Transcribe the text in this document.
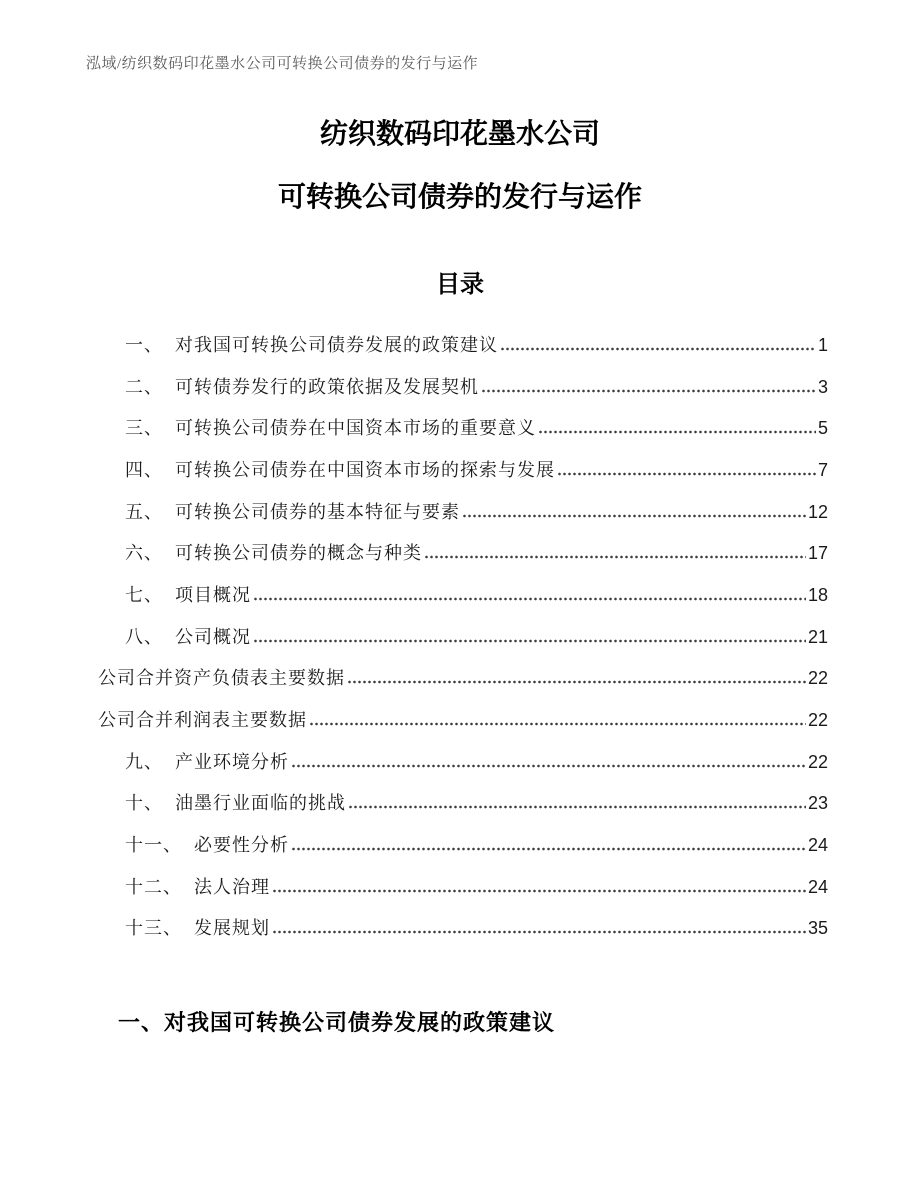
泓域/纺织数码印花墨水公司可转换公司债券的发行与运作
纺织数码印花墨水公司
可转换公司债券的发行与运作
目录
一、 对我国可转换公司债券发展的政策建议	1
二、 可转债券发行的政策依据及发展契机	3
三、 可转换公司债券在中国资本市场的重要意义	5
四、 可转换公司债券在中国资本市场的探索与发展	7
五、 可转换公司债券的基本特征与要素	12
六、 可转换公司债券的概念与种类	17
七、 项目概况	18
八、 公司概况	21
公司合并资产负债表主要数据	22
公司合并利润表主要数据	22
九、 产业环境分析	22
十、 油墨行业面临的挑战	23
十一、 必要性分析	24
十二、 法人治理	24
十三、 发展规划	35
一、对我国可转换公司债券发展的政策建议
